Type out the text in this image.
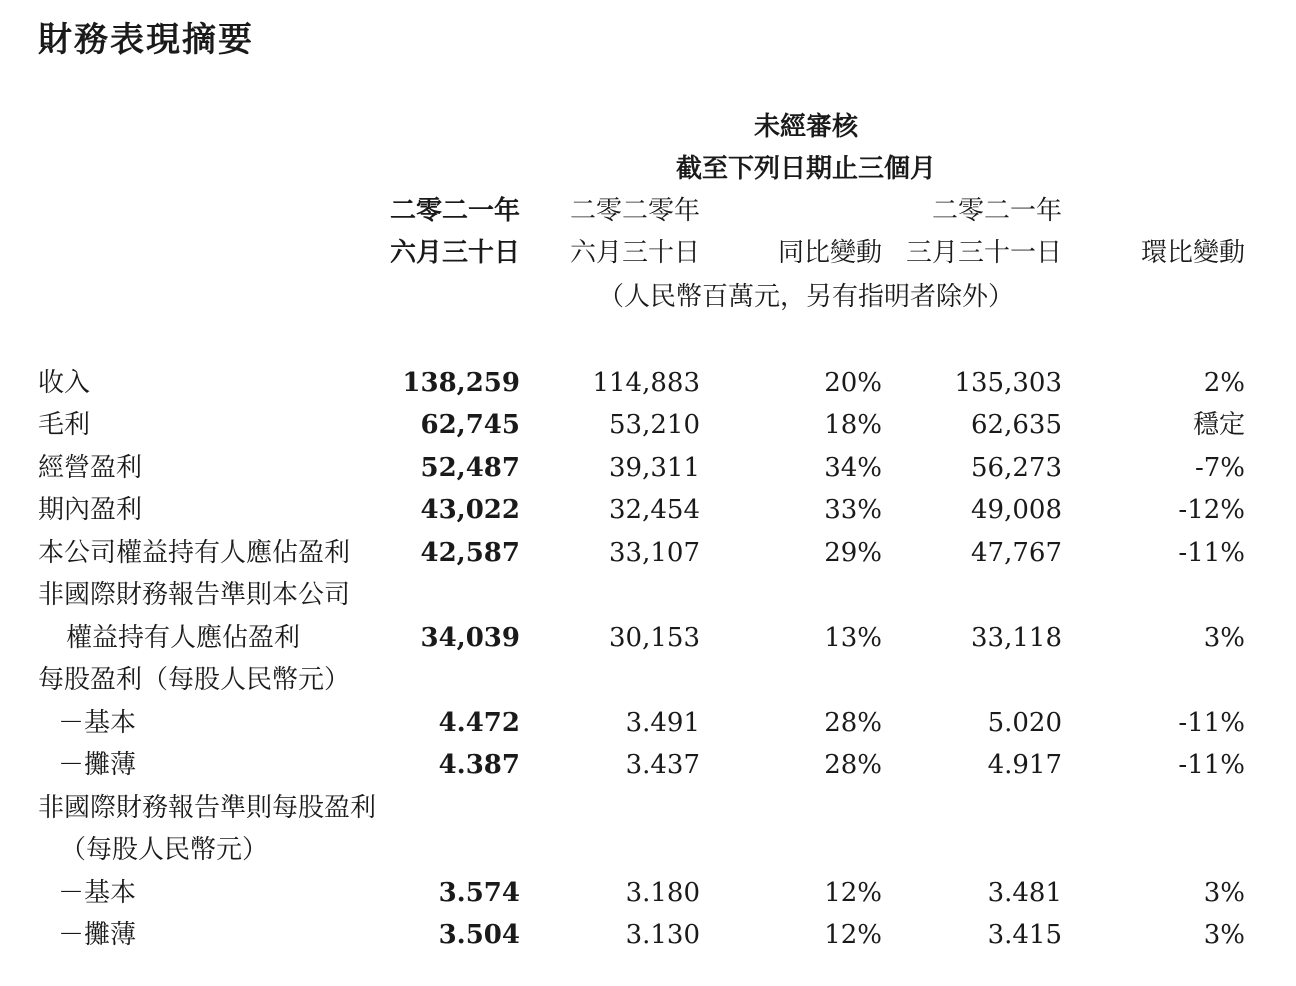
財務表現摘要
未經審核
截至下列日期止三個月
二零二一年
六月三十日
二零二零年
六月三十日	同比變動
二零二一年
三月三十一日	環比變動
（人民幣百萬元，另有指明者除外）
收入	138,259	114,883	20%	135,303	2%
毛利	62,745	53,210	18%	62,635	穩定
經營盈利	52,487	39,311	34%	56,273	-7%
期內盈利	43,022	32,454	33%	49,008	-12%
本公司權益持有人應佔盈利	42,587	33,107	29%	47,767	-11%
非國際財務報告準則本公司
權益持有人應佔盈利	34,039	30,153	13%	33,118	3%
每股盈利（每股人民幣元）
－基本	4.472	3.491	28%	5.020	-11%
－攤薄	4.387	3.437	28%	4.917	-11%
非國際財務報告準則每股盈利
（每股人民幣元）
－基本	3.574	3.180	12%	3.481	3%
－攤薄	3.504	3.130	12%	3.415	3%
